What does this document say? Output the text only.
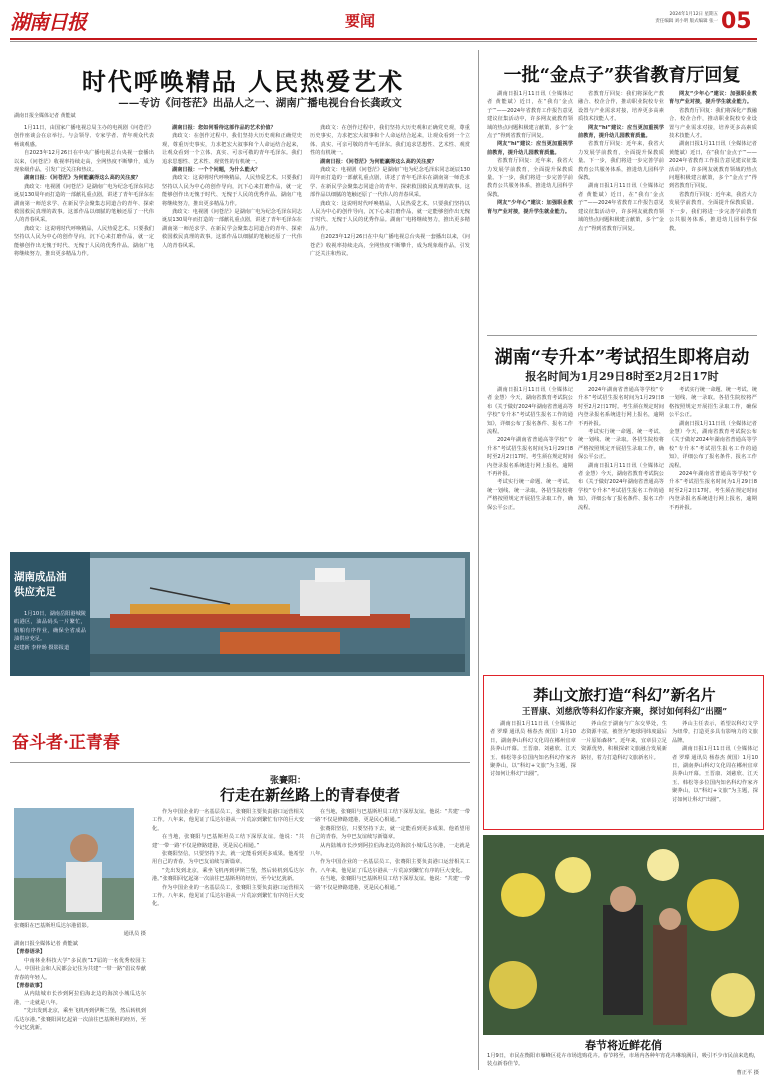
湖南日报	要闻	2024年1月12日 星期五
责任编辑 刘小明 版式编辑 张一 05
时代呼唤精品 人民热爱艺术
——专访《问苍茫》出品人之一、湖南广播电视台台长龚政文
湖南日报全媒体记者 黄能斌

1月11日，由国家广播电视总局主办的电视剧《问苍茫》创作座谈会在京举行。与会领导、专家学者、青年观众代表畅谈观感。

自2023年12月26日在中央广播电视总台央视一套播出以来，《问苍茫》收视率持续走高，全网热度不断攀升，成为现象级作品，引发广泛关注和热议。

湖南日报：《问苍茫》为何能赢得这么高的关注度？

龚政文：电视剧《问苍茫》是湖南广电为纪念毛泽东同志诞辰130周年而打造的一部献礼重点剧，讲述了青年毛泽东在湖南第一师范求学、在新民学会聚集志同道合的青年、探索救国救民真理的故事。这部作品以细腻的笔触还原了一代伟人的青春风采。

龚政文：这说明时代呼唤精品，人民热爱艺术。只要我们坚持以人民为中心的创作导向，沉下心来打磨作品，就一定能够创作出无愧于时代、无愧于人民的优秀作品。湖南广电将继续努力，推出更多精品力作。

湖南日报：您如何看待这部作品的艺术价值？

龚政文：在创作过程中，我们坚持大历史观和正确党史观，尊重历史事实，力求把宏大叙事和个人命运结合起来，让观众看到一个立体、真实、可亲可敬的青年毛泽东。我们追求思想性、艺术性、观赏性的有机统一。

湖南日报：一个个问题，为什么能火？

龚政文：这说明时代呼唤精品，人民热爱艺术。只要我们坚持以人民为中心的创作导向，沉下心来打磨作品，就一定能够创作出无愧于时代、无愧于人民的优秀作品。湖南广电将继续努力，推出更多精品力作。

龚政文：电视剧《问苍茫》是湖南广电为纪念毛泽东同志诞辰130周年而打造的一部献礼重点剧，讲述了青年毛泽东在湖南第一师范求学、在新民学会聚集志同道合的青年、探索救国救民真理的故事。这部作品以细腻的笔触还原了一代伟人的青春风采。

龚政文：在创作过程中，我们坚持大历史观和正确党史观，尊重历史事实，力求把宏大叙事和个人命运结合起来，让观众看到一个立体、真实、可亲可敬的青年毛泽东。我们追求思想性、艺术性、观赏性的有机统一。

湖南日报：《问苍茫》为何能赢得这么高的关注度？

龚政文：电视剧《问苍茫》是湖南广电为纪念毛泽东同志诞辰130周年而打造的一部献礼重点剧，讲述了青年毛泽东在湖南第一师范求学、在新民学会聚集志同道合的青年、探索救国救民真理的故事。这部作品以细腻的笔触还原了一代伟人的青春风采。

龚政文：这说明时代呼唤精品，人民热爱艺术。只要我们坚持以人民为中心的创作导向，沉下心来打磨作品，就一定能够创作出无愧于时代、无愧于人民的优秀作品。湖南广电将继续努力，推出更多精品力作。

自2023年12月26日在中央广播电视总台央视一套播出以来，《问苍茫》收视率持续走高，全网热度不断攀升，成为现象级作品，引发广泛关注和热议。

一批“金点子”获省教育厅回复

湖南日报1月11日讯（全媒体记者 黄能斌）近日，在“我有‘金点子’”——2024年省教育工作报告意见建议征集活动中，许多网友就教育领域的热点问题积极建言献策，多个“金点子”得到省教育厅回复。

网友“hi”建议：应当更加重视学前教育，提升幼儿园教育质量。

省教育厅回复：近年来，我省大力发展学前教育，全面提升保教质量。下一步，我们将进一步完善学前教育公共服务体系，推进幼儿园科学保教。

网友“少年心”建议：加强职业教育与产业对接，提升学生就业能力。

省教育厅回复：我们将深化产教融合、校企合作，推动职业院校专业设置与产业需求对接，培养更多高素质技术技能人才。

网友“hi”建议：应当更加重视学前教育，提升幼儿园教育质量。

省教育厅回复：近年来，我省大力发展学前教育，全面提升保教质量。下一步，我们将进一步完善学前教育公共服务体系，推进幼儿园科学保教。

湖南日报1月11日讯（全媒体记者 黄能斌）近日，在“我有‘金点子’”——2024年省教育工作报告意见建议征集活动中，许多网友就教育领域的热点问题积极建言献策，多个“金点子”得到省教育厅回复。

网友“少年心”建议：加强职业教育与产业对接，提升学生就业能力。

省教育厅回复：我们将深化产教融合、校企合作，推动职业院校专业设置与产业需求对接，培养更多高素质技术技能人才。

湖南日报1月11日讯（全媒体记者 黄能斌）近日，在“我有‘金点子’”——2024年省教育工作报告意见建议征集活动中，许多网友就教育领域的热点问题积极建言献策，多个“金点子”得到省教育厅回复。

省教育厅回复：近年来，我省大力发展学前教育，全面提升保教质量。下一步，我们将进一步完善学前教育公共服务体系，推进幼儿园科学保教。

湖南“专升本”考试招生即将启动
报名时间为1月29日8时至2月2日17时

湖南日报1月11日讯（全媒体记者 金慧）今天，湖南省教育考试院公布《关于做好2024年湖南省普通高等学校“专升本”考试招生报名工作的通知》，详细公布了报名条件、报名工作流程。

2024年湖南省普通高等学校“专升本”考试招生报名时间为1月29日8时至2月2日17时。考生须在规定时间内登录报名系统进行网上报名，逾期不再补报。

考试实行统一命题、统一考试、统一划线、统一录取。各招生院校将严格按照规定开展招生录取工作，确保公平公正。

2024年湖南省普通高等学校“专升本”考试招生报名时间为1月29日8时至2月2日17时。考生须在规定时间内登录报名系统进行网上报名，逾期不再补报。

考试实行统一命题、统一考试、统一划线、统一录取。各招生院校将严格按照规定开展招生录取工作，确保公平公正。

湖南日报1月11日讯（全媒体记者 金慧）今天，湖南省教育考试院公布《关于做好2024年湖南省普通高等学校“专升本”考试招生报名工作的通知》，详细公布了报名条件、报名工作流程。

考试实行统一命题、统一考试、统一划线、统一录取。各招生院校将严格按照规定开展招生录取工作，确保公平公正。

湖南日报1月11日讯（全媒体记者 金慧）今天，湖南省教育考试院公布《关于做好2024年湖南省普通高等学校“专升本”考试招生报名工作的通知》，详细公布了报名条件、报名工作流程。

2024年湖南省普通高等学校“专升本”考试招生报名时间为1月29日8时至2月2日17时。考生须在规定时间内登录报名系统进行网上报名，逾期不再补报。

莽山文旅打造“科幻”新名片
王晋康、刘慈欣等科幻作家齐聚，探讨如何科幻“出圈”

湖南日报1月11日讯（全媒体记者 罗璨 通讯员 杨春杰 黄国）1月10日，湖南莽山科幻文化周在郴州宜章县莽山开幕。王晋康、刘慈欣、江天玉、韩松等多位国内知名科幻作家齐聚莽山，以“科幻+文旅”为主题，探讨如何让科幻“出圈”。

莽山位于湖南与广东交界处，生态资源丰富，被誉为“地球同纬度最后一片原始森林”。近年来，宜章县立足资源优势，积极探索文旅融合发展新路径，着力打造科幻文旅新名片。

莽山主任表示，希望以科幻文学为纽带，打造更多具有影响力的文旅品牌。

湖南日报1月11日讯（全媒体记者 罗璨 通讯员 杨春杰 黄国）1月10日，湖南莽山科幻文化周在郴州宜章县莽山开幕。王晋康、刘慈欣、江天玉、韩松等多位国内知名科幻作家齐聚莽山，以“科幻+文旅”为主题，探讨如何让科幻“出圈”。

湖南成品油
供应充足

1月10日，湖南岳阳港城陵矶港区，油品码头一片繁忙，船舶有序作业，确保全省成品油供应充足。

赵建新 李梓旸 摄影报道

奋斗者·正青春
张賽阳：
行走在新丝路上的青春使者

张賽阳在巴基斯坦瓜达尔港留影。

通讯员 摄

湖南日报全媒体记者 黄能斌

【青春语录】

中南林业科技大学“多民族”17届的一名优秀校园主人。中国社会和人民都会记住为共建“一带一路”倡议奉献青春的年轻人。

【青春故事】

从内陆城市长沙到阿拉伯海北边的海滨小城瓜达尔港，一走就是八年。

“先出发到北京，乘坐飞机再到伊斯兰堡，然后转机到瓜达尔港。”张賽阳回忆起第一次前往巴基斯坦的经历，至今记忆犹新。

作为中国企业的一名基层员工，张賽阳主要负责港口运营相关工作。八年来，他见证了瓜达尔港从一片荒凉到繁忙有序的巨大变化。

在当地，张賽阳与巴基斯坦员工结下深厚友谊。他说：“共建‘一带一路’不仅是修路建港，更是民心相通。”

张賽阳坚信，只要坚持下去，就一定能看到更多成果。他希望用自己的青春，为中巴友谊续写新篇章。

“先出发到北京，乘坐飞机再到伊斯兰堡，然后转机到瓜达尔港。”张賽阳回忆起第一次前往巴基斯坦的经历，至今记忆犹新。

作为中国企业的一名基层员工，张賽阳主要负责港口运营相关工作。八年来，他见证了瓜达尔港从一片荒凉到繁忙有序的巨大变化。

在当地，张賽阳与巴基斯坦员工结下深厚友谊。他说：“共建‘一带一路’不仅是修路建港，更是民心相通。”

张賽阳坚信，只要坚持下去，就一定能看到更多成果。他希望用自己的青春，为中巴友谊续写新篇章。

从内陆城市长沙到阿拉伯海北边的海滨小城瓜达尔港，一走就是八年。

作为中国企业的一名基层员工，张賽阳主要负责港口运营相关工作。八年来，他见证了瓜达尔港从一片荒凉到繁忙有序的巨大变化。

在当地，张賽阳与巴基斯坦员工结下深厚友谊。他说：“共建‘一带一路’不仅是修路建港，更是民心相通。”

春节将近鲜花俏

1月9日，市民在衡阳市雁峰区花卉市场选购花卉。春节将至，市场内各种年宵花卉琳琅满目，吸引不少市民前来选购，装点新春佳节。

曹正平 摄
